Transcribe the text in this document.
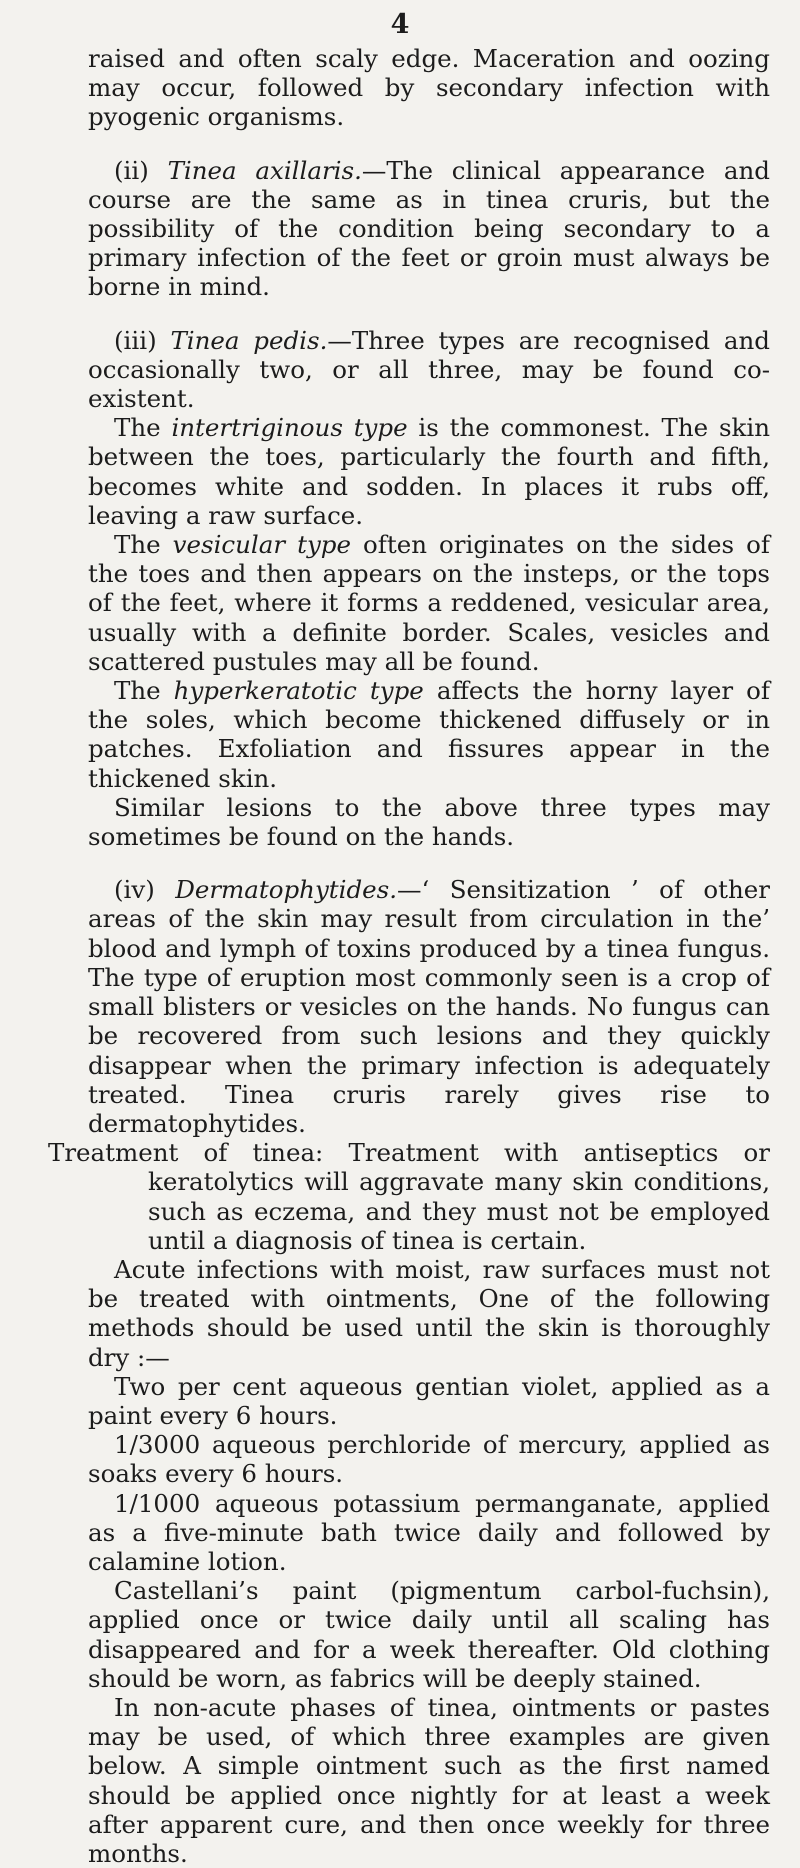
4

raised and often scaly edge. Maceration and oozing may occur, followed by secondary infection with pyogenic organisms.

(ii) Tinea axillaris.—The clinical appearance and course are the same as in tinea cruris, but the possibility of the condition being secondary to a primary infection of the feet or groin must always be borne in mind.

(iii) Tinea pedis.—Three types are recognised and occasionally two, or all three, may be found co-existent.

The intertriginous type is the commonest. The skin between the toes, particularly the fourth and fifth, becomes white and sodden. In places it rubs off, leaving a raw surface.

The vesicular type often originates on the sides of the toes and then appears on the insteps, or the tops of the feet, where it forms a reddened, vesicular area, usually with a definite border. Scales, vesicles and scattered pustules may all be found.

The hyperkeratotic type affects the horny layer of the soles, which become thickened diffusely or in patches. Exfoliation and fissures appear in the thickened skin.

Similar lesions to the above three types may sometimes be found on the hands.

(iv) Dermatophytides.—‘ Sensitization ’ of other areas of the skin may result from circulation in the’ blood and lymph of toxins produced by a tinea fungus. The type of eruption most commonly seen is a crop of small blisters or vesicles on the hands. No fungus can be recovered from such lesions and they quickly disappear when the primary infection is adequately treated. Tinea cruris rarely gives rise to dermatophytides.

Treatment of tinea: Treatment with antiseptics or keratolytics will aggravate many skin conditions, such as eczema, and they must not be employed until a diagnosis of tinea is certain.

Acute infections with moist, raw surfaces must not be treated with ointments, One of the following methods should be used until the skin is thoroughly dry :—

Two per cent aqueous gentian violet, applied as a paint every 6 hours.

1/3000 aqueous perchloride of mercury, applied as soaks every 6 hours.

1/1000 aqueous potassium permanganate, applied as a five-minute bath twice daily and followed by calamine lotion.

Castellani’s paint (pigmentum carbol-fuchsin), applied once or twice daily until all scaling has disappeared and for a week thereafter. Old clothing should be worn, as fabrics will be deeply stained.

In non-acute phases of tinea, ointments or pastes may be used, of which three examples are given below. A simple ointment such as the first named should be applied once nightly for at least a week after apparent cure, and then once weekly for three months.
